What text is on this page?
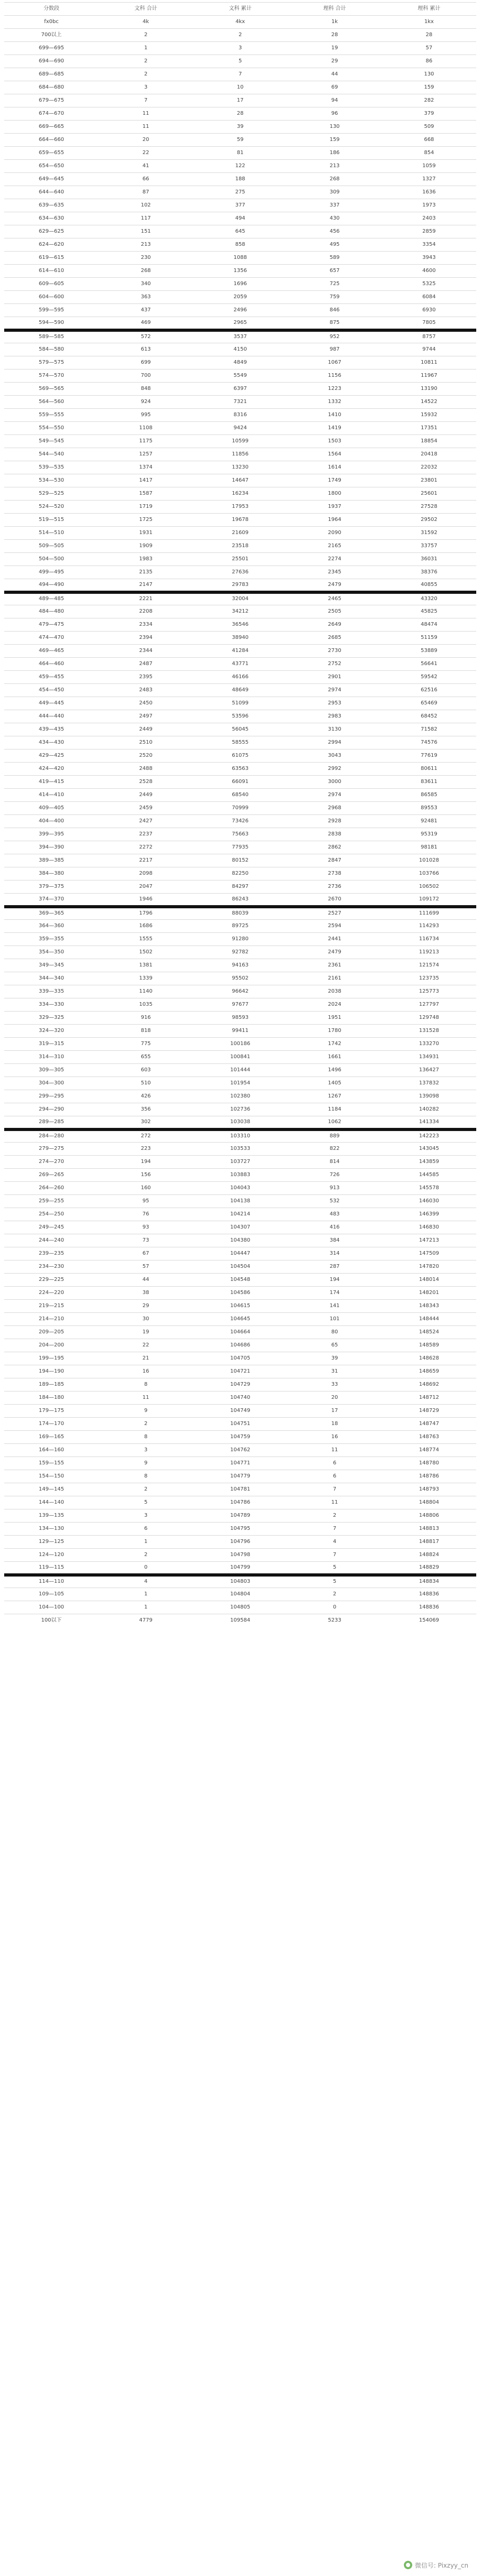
分数段	文科 合计	文科 累计	理科 合计	理科 累计
fx0bc	4k	4kx	1k	1kx
700以上	2	2	28	28
699—695	1	3	19	57
694—690	2	5	29	86
689—685	2	7	44	130
684—680	3	10	69	159
679—675	7	17	94	282
674—670	11	28	96	379
669—665	11	39	130	509
664—660	20	59	159	668
659—655	22	81	186	854
654—650	41	122	213	1059
649—645	66	188	268	1327
644—640	87	275	309	1636
639—635	102	377	337	1973
634—630	117	494	430	2403
629—625	151	645	456	2859
624—620	213	858	495	3354
619—615	230	1088	589	3943
614—610	268	1356	657	4600
609—605	340	1696	725	5325
604—600	363	2059	759	6084
599—595	437	2496	846	6930
594—590	469	2965	875	7805
589—585	572	3537	952	8757
584—580	613	4150	987	9744
579—575	699	4849	1067	10811
574—570	700	5549	1156	11967
569—565	848	6397	1223	13190
564—560	924	7321	1332	14522
559—555	995	8316	1410	15932
554—550	1108	9424	1419	17351
549—545	1175	10599	1503	18854
544—540	1257	11856	1564	20418
539—535	1374	13230	1614	22032
534—530	1417	14647	1749	23801
529—525	1587	16234	1800	25601
524—520	1719	17953	1937	27528
519—515	1725	19678	1964	29502
514—510	1931	21609	2090	31592
509—505	1909	23518	2165	33757
504—500	1983	25501	2274	36031
499—495	2135	27636	2345	38376
494—490	2147	29783	2479	40855
489—485	2221	32004	2465	43320
484—480	2208	34212	2505	45825
479—475	2334	36546	2649	48474
474—470	2394	38940	2685	51159
469—465	2344	41284	2730	53889
464—460	2487	43771	2752	56641
459—455	2395	46166	2901	59542
454—450	2483	48649	2974	62516
449—445	2450	51099	2953	65469
444—440	2497	53596	2983	68452
439—435	2449	56045	3130	71582
434—430	2510	58555	2994	74576
429—425	2520	61075	3043	77619
424—420	2488	63563	2992	80611
419—415	2528	66091	3000	83611
414—410	2449	68540	2974	86585
409—405	2459	70999	2968	89553
404—400	2427	73426	2928	92481
399—395	2237	75663	2838	95319
394—390	2272	77935	2862	98181
389—385	2217	80152	2847	101028
384—380	2098	82250	2738	103766
379—375	2047	84297	2736	106502
374—370	1946	86243	2670	109172
369—365	1796	88039	2527	111699
364—360	1686	89725	2594	114293
359—355	1555	91280	2441	116734
354—350	1502	92782	2479	119213
349—345	1381	94163	2361	121574
344—340	1339	95502	2161	123735
339—335	1140	96642	2038	125773
334—330	1035	97677	2024	127797
329—325	916	98593	1951	129748
324—320	818	99411	1780	131528
319—315	775	100186	1742	133270
314—310	655	100841	1661	134931
309—305	603	101444	1496	136427
304—300	510	101954	1405	137832
299—295	426	102380	1267	139098
294—290	356	102736	1184	140282
289—285	302	103038	1062	141334
284—280	272	103310	889	142223
279—275	223	103533	822	143045
274—270	194	103727	814	143859
269—265	156	103883	726	144585
264—260	160	104043	913	145578
259—255	95	104138	532	146030
254—250	76	104214	483	146399
249—245	93	104307	416	146830
244—240	73	104380	384	147213
239—235	67	104447	314	147509
234—230	57	104504	287	147820
229—225	44	104548	194	148014
224—220	38	104586	174	148201
219—215	29	104615	141	148343
214—210	30	104645	101	148444
209—205	19	104664	80	148524
204—200	22	104686	65	148589
199—195	21	104705	39	148628
194—190	16	104721	31	148659
189—185	8	104729	33	148692
184—180	11	104740	20	148712
179—175	9	104749	17	148729
174—170	2	104751	18	148747
169—165	8	104759	16	148763
164—160	3	104762	11	148774
159—155	9	104771	6	148780
154—150	8	104779	6	148786
149—145	2	104781	7	148793
144—140	5	104786	11	148804
139—135	3	104789	2	148806
134—130	6	104795	7	148813
129—125	1	104796	4	148817
124—120	2	104798	7	148824
119—115	0	104799	5	148829
114—110	4	104803	5	148834
109—105	1	104804	2	148836
104—100	1	104805	0	148836
100以下	4779	109584	5233	154069
微信号: Pixzyy_cn
